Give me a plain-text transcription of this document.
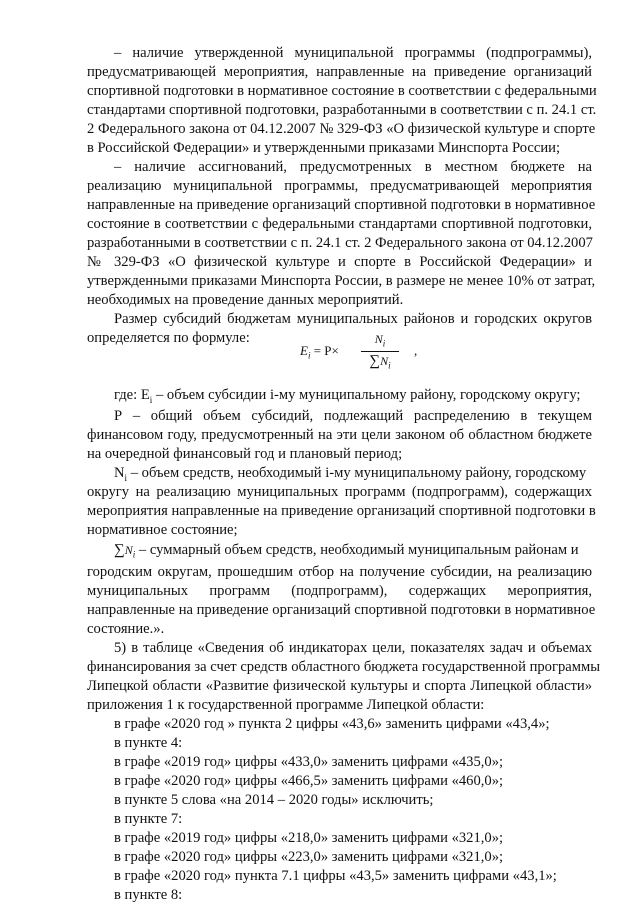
– наличие утвержденной муниципальной программы (подпрограммы),
предусматривающей мероприятия, направленные на приведение организаций
спортивной подготовки в нормативное состояние в соответствии с федеральными
стандартами спортивной подготовки, разработанными в соответствии с п. 24.1 ст.
2 Федерального закона от 04.12.2007 № 329-ФЗ «О физической культуре и спорте
в Российской Федерации» и утвержденными приказами Минспорта России;
– наличие ассигнований, предусмотренных в местном бюджете на
реализацию муниципальной программы, предусматривающей мероприятия
направленные на приведение организаций спортивной подготовки в нормативное
состояние в соответствии с федеральными стандартами спортивной подготовки,
разработанными в соответствии с п. 24.1 ст. 2 Федерального закона от 04.12.2007
№ 329-ФЗ «О физической культуре и спорте в Российской Федерации» и
утвержденными приказами Минспорта России, в размере не менее 10% от затрат,
необходимых на проведение данных мероприятий.
Размер субсидий бюджетам муниципальных районов и городских округов
определяется по формуле:
$E_i = P\times$
$N_i$
$\sum N_i$
,
где: $E_i$ – объем субсидии i-му муниципальному району, городскому округу;
Р – общий объем субсидий, подлежащий распределению в текущем
финансовом году, предусмотренный на эти цели законом об областном бюджете
на очередной финансовый год и плановый период;
$N_i$ – объем средств, необходимый i-му муниципальному району, городскому
округу на реализацию муниципальных программ (подпрограмм), содержащих
мероприятия направленные на приведение организаций спортивной подготовки в
нормативное состояние;
$\sum N_i$ – суммарный объем средств, необходимый муниципальным районам и
городским округам, прошедшим отбор на получение субсидии, на реализацию
муниципальных программ (подпрограмм), содержащих мероприятия,
направленные на приведение организаций спортивной подготовки в нормативное
состояние.».
5) в таблице «Сведения об индикаторах цели, показателях задач и объемах
финансирования за счет средств областного бюджета государственной программы
Липецкой области «Развитие физической культуры и спорта Липецкой области»
приложения 1 к государственной программе Липецкой области:
в графе «2020 год » пункта 2 цифры «43,6» заменить цифрами «43,4»;
в пункте 4:
в графе «2019 год» цифры «433,0» заменить цифрами «435,0»;
в графе «2020 год» цифры «466,5» заменить цифрами «460,0»;
в пункте 5 слова «на 2014 – 2020 годы» исключить;
в пункте 7:
в графе «2019 год» цифры «218,0» заменить цифрами «321,0»;
в графе «2020 год» цифры «223,0» заменить цифрами «321,0»;
в графе «2020 год» пункта 7.1 цифры «43,5» заменить цифрами «43,1»;
в пункте 8:
